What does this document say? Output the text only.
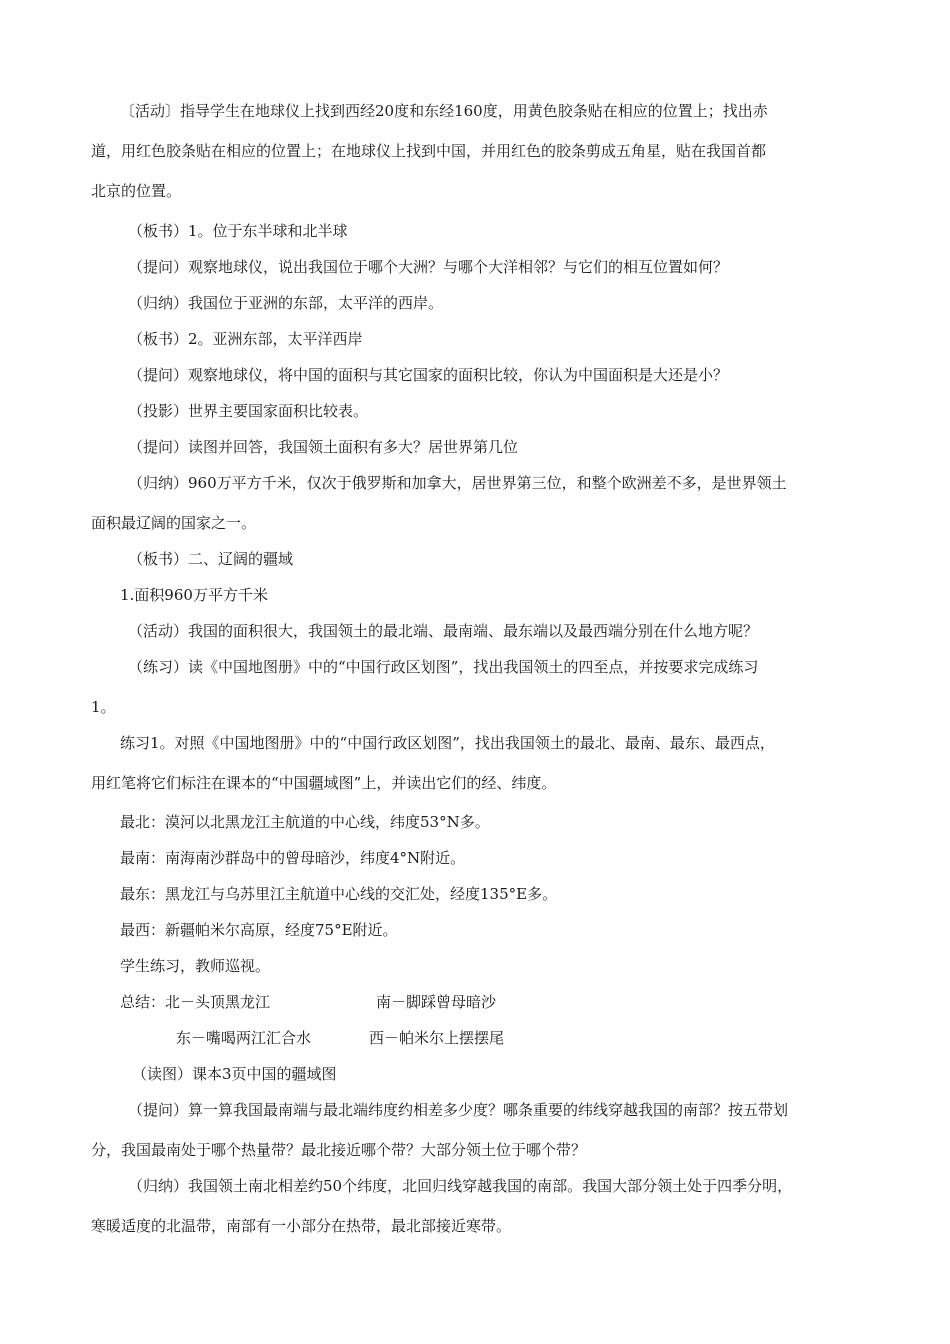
〔活动〕指导学生在地球仪上找到西经20度和东经160度，用黄色胶条贴在相应的位置上；找出赤
道，用红色胶条贴在相应的位置上；在地球仪上找到中国，并用红色的胶条剪成五角星，贴在我国首都
北京的位置。
（板书）1。位于东半球和北半球
（提问）观察地球仪，说出我国位于哪个大洲？与哪个大洋相邻？与它们的相互位置如何？
（归纳）我国位于亚洲的东部，太平洋的西岸。
（板书）2。亚洲东部，太平洋西岸
（提问）观察地球仪，将中国的面积与其它国家的面积比较，你认为中国面积是大还是小？
（投影）世界主要国家面积比较表。
（提问）读图并回答，我国领土面积有多大？居世界第几位
（归纳）960万平方千米，仅次于俄罗斯和加拿大，居世界第三位，和整个欧洲差不多，是世界领土
面积最辽阔的国家之一。
（板书）二、辽阔的疆域
1.面积960万平方千米
（活动）我国的面积很大，我国领土的最北端、最南端、最东端以及最西端分别在什么地方呢？
（练习）读《中国地图册》中的“中国行政区划图”，找出我国领土的四至点，并按要求完成练习
1。
练习1。对照《中国地图册》中的“中国行政区划图”，找出我国领土的最北、最南、最东、最西点，
用红笔将它们标注在课本的“中国疆域图”上，并读出它们的经、纬度。
最北：漠河以北黑龙江主航道的中心线，纬度53°N多。
最南：南海南沙群岛中的曾母暗沙，纬度4°N附近。
最东：黑龙江与乌苏里江主航道中心线的交汇处，经度135°E多。
最西：新疆帕米尔高原，经度75°E附近。
学生练习，教师巡视。
总结：北－头顶黑龙江	南－脚踩曾母暗沙
东－嘴喝两江汇合水	西－帕米尔上摆摆尾
（读图）课本3页中国的疆域图
（提问）算一算我国最南端与最北端纬度约相差多少度？哪条重要的纬线穿越我国的南部？按五带划
分，我国最南处于哪个热量带？最北接近哪个带？大部分领土位于哪个带？
（归纳）我国领土南北相差约50个纬度，北回归线穿越我国的南部。我国大部分领土处于四季分明，
寒暖适度的北温带，南部有一小部分在热带，最北部接近寒带。
